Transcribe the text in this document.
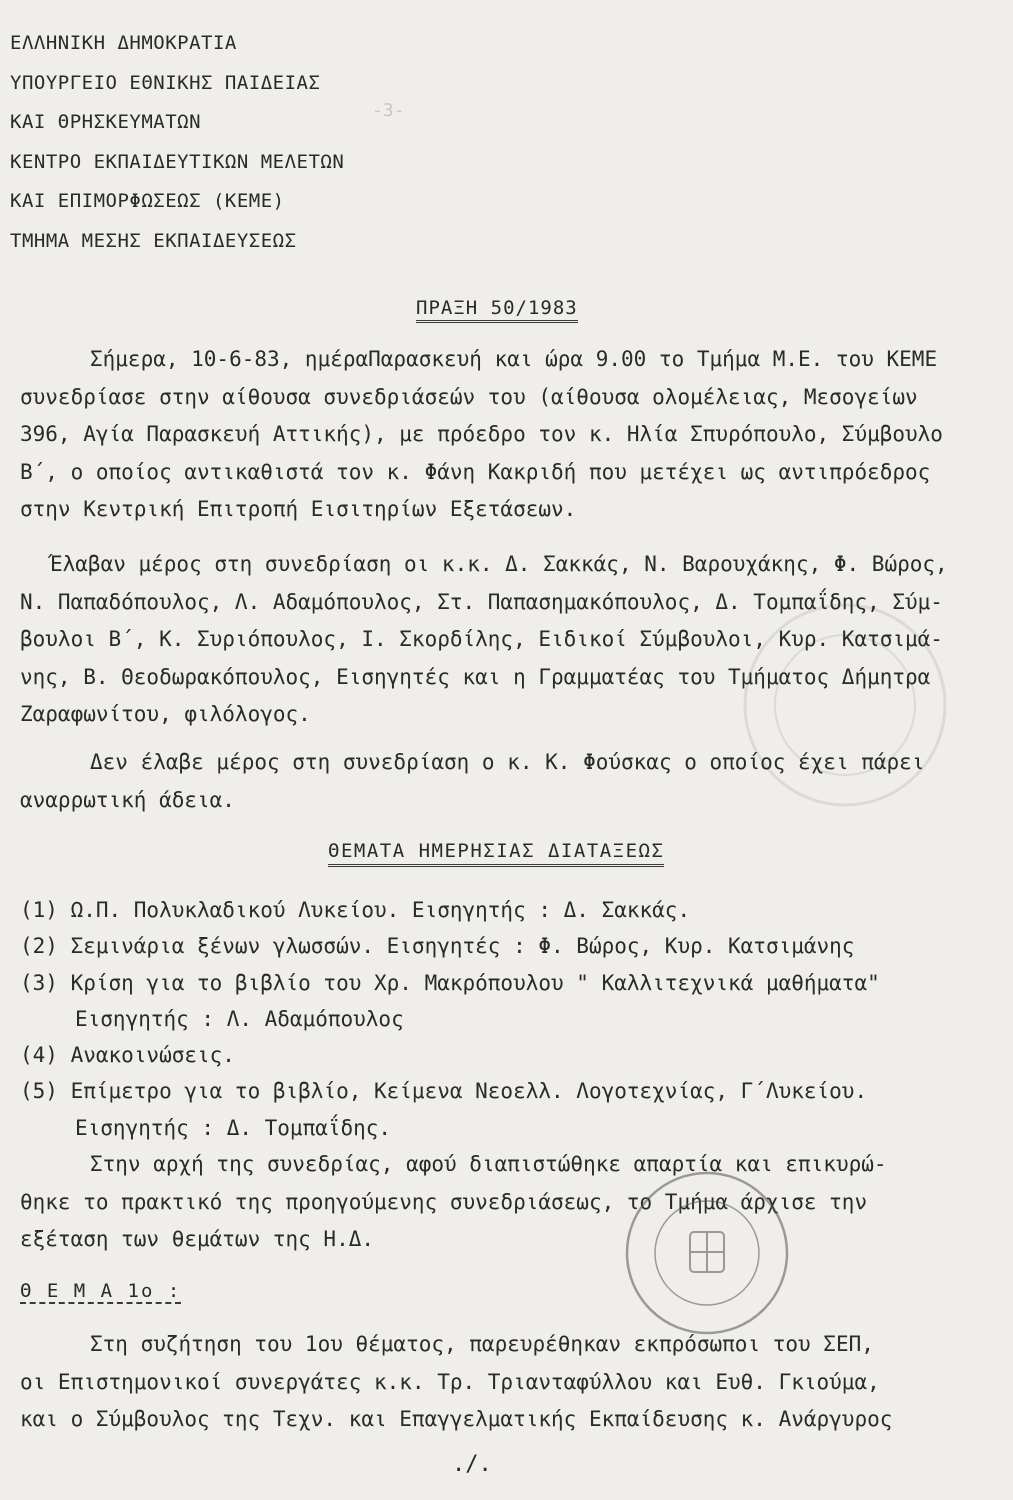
-3-
ΕΛΛΗΝΙΚΗ ΔΗΜΟΚΡΑΤΙΑ
ΥΠΟΥΡΓΕΙΟ ΕΘΝΙΚΗΣ ΠΑΙΔΕΙΑΣ
ΚΑΙ ΘΡΗΣΚΕΥΜΑΤΩΝ
ΚΕΝΤΡΟ ΕΚΠΑΙΔΕΥΤΙΚΩΝ ΜΕΛΕΤΩΝ
ΚΑΙ ΕΠΙΜΟΡΦΩΣΕΩΣ (ΚΕΜΕ)
ΤΜΗΜΑ ΜΕΣΗΣ ΕΚΠΑΙΔΕΥΣΕΩΣ
ΠΡΑΞΗ 50/1983
Σήμερα, 10-6-83, ημέραΠαρασκευή και ώρα 9.00 το Τμήμα Μ.Ε. του ΚΕΜΕ
συνεδρίασε στην αίθουσα συνεδριάσεών του (αίθουσα ολομέλειας, Μεσογείων
396, Αγία Παρασκευή Αττικής), με πρόεδρο τον κ. Ηλία Σπυρόπουλο, Σύμβουλο
Β΄, ο οποίος αντικαθιστά τον κ. Φάνη Κακριδή που μετέχει ως αντιπρόεδρος
στην Κεντρική Επιτροπή Εισιτηρίων Εξετάσεων.
Έλαβαν μέρος στη συνεδρίαση οι κ.κ. Δ. Σακκάς, Ν. Βαρουχάκης, Φ. Βώρος,
Ν. Παπαδόπουλος, Λ. Αδαμόπουλος, Στ. Παπασημακόπουλος, Δ. Τομπαΐδης, Σύμ-
βουλοι Β΄, Κ. Συριόπουλος, Ι. Σκορδίλης, Ειδικοί Σύμβουλοι, Κυρ. Κατσιμά-
νης, Β. Θεοδωρακόπουλος, Εισηγητές και η Γραμματέας του Τμήματος Δήμητρα
Ζαραφωνίτου, φιλόλογος.
Δεν έλαβε μέρος στη συνεδρίαση ο κ. Κ. Φούσκας ο οποίος έχει πάρει
αναρρωτική άδεια.
ΘΕΜΑΤΑ ΗΜΕΡΗΣΙΑΣ ΔΙΑΤΑΞΕΩΣ
(1) Ω.Π. Πολυκλαδικού Λυκείου. Εισηγητής : Δ. Σακκάς.
(2) Σεμινάρια ξένων γλωσσών. Εισηγητές : Φ. Βώρος, Κυρ. Κατσιμάνης
(3) Κρίση για το βιβλίο του Χρ. Μακρόπουλου " Καλλιτεχνικά μαθήματα"
Εισηγητής : Λ. Αδαμόπουλος
(4) Ανακοινώσεις.
(5) Επίμετρο για το βιβλίο, Κείμενα Νεοελλ. Λογοτεχνίας, Γ΄Λυκείου.
Εισηγητής : Δ. Τομπαΐδης.
Στην αρχή της συνεδρίας, αφού διαπιστώθηκε απαρτία και επικυρώ-
θηκε το πρακτικό της προηγούμενης συνεδριάσεως, το Τμήμα άρχισε την
εξέταση των θεμάτων της Η.Δ.
Θ Ε Μ Α 1ο :
Στη συζήτηση του 1ου θέματος, παρευρέθηκαν εκπρόσωποι του ΣΕΠ,
οι Επιστημονικοί συνεργάτες κ.κ. Τρ. Τριανταφύλλου και Ευθ. Γκιούμα,
και ο Σύμβουλος της Τεχν. και Επαγγελματικής Εκπαίδευσης κ. Ανάργυρος
./.
